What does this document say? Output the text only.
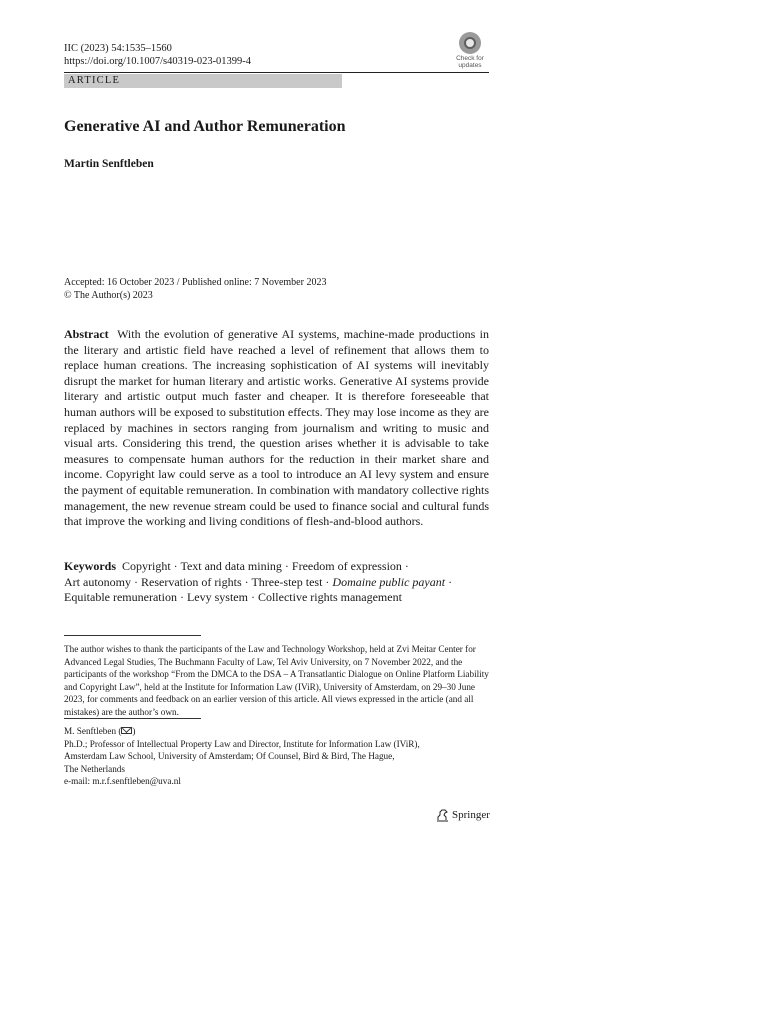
IIC (2023) 54:1535–1560
https://doi.org/10.1007/s40319-023-01399-4	Check for updates
ARTICLE
Generative AI and Author Remuneration
Martin Senftleben
Accepted: 16 October 2023 / Published online: 7 November 2023
© The Author(s) 2023
Abstract With the evolution of generative AI systems, machine-made productions in the literary and artistic field have reached a level of refinement that allows them to replace human creations. The increasing sophistication of AI systems will inevitably disrupt the market for human literary and artistic works. Generative AI systems provide literary and artistic output much faster and cheaper. It is therefore foreseeable that human authors will be exposed to substitution effects. They may lose income as they are replaced by machines in sectors ranging from journalism and writing to music and visual arts. Considering this trend, the question arises whether it is advisable to take measures to compensate human authors for the reduction in their market share and income. Copyright law could serve as a tool to introduce an AI levy system and ensure the payment of equitable remuneration. In combination with mandatory collective rights management, the new revenue stream could be used to finance social and cultural funds that improve the working and living conditions of flesh-and-blood authors.
Keywords Copyright · Text and data mining · Freedom of expression ·
Art autonomy · Reservation of rights · Three-step test · Domaine public payant ·
Equitable remuneration · Levy system · Collective rights management
The author wishes to thank the participants of the Law and Technology Workshop, held at Zvi Meitar Center for Advanced Legal Studies, The Buchmann Faculty of Law, Tel Aviv University, on 7 November 2022, and the participants of the workshop “From the DMCA to the DSA – A Transatlantic Dialogue on Online Platform Liability and Copyright Law”, held at the Institute for Information Law (IViR), University of Amsterdam, on 29–30 June 2023, for comments and feedback on an earlier version of this article. All views expressed in the article (and all mistakes) are the author’s own.
M. Senftleben ( )
Ph.D.; Professor of Intellectual Property Law and Director, Institute for Information Law (IViR),
Amsterdam Law School, University of Amsterdam; Of Counsel, Bird & Bird, The Hague,
The Netherlands
e-mail: m.r.f.senftleben@uva.nl
Springer
